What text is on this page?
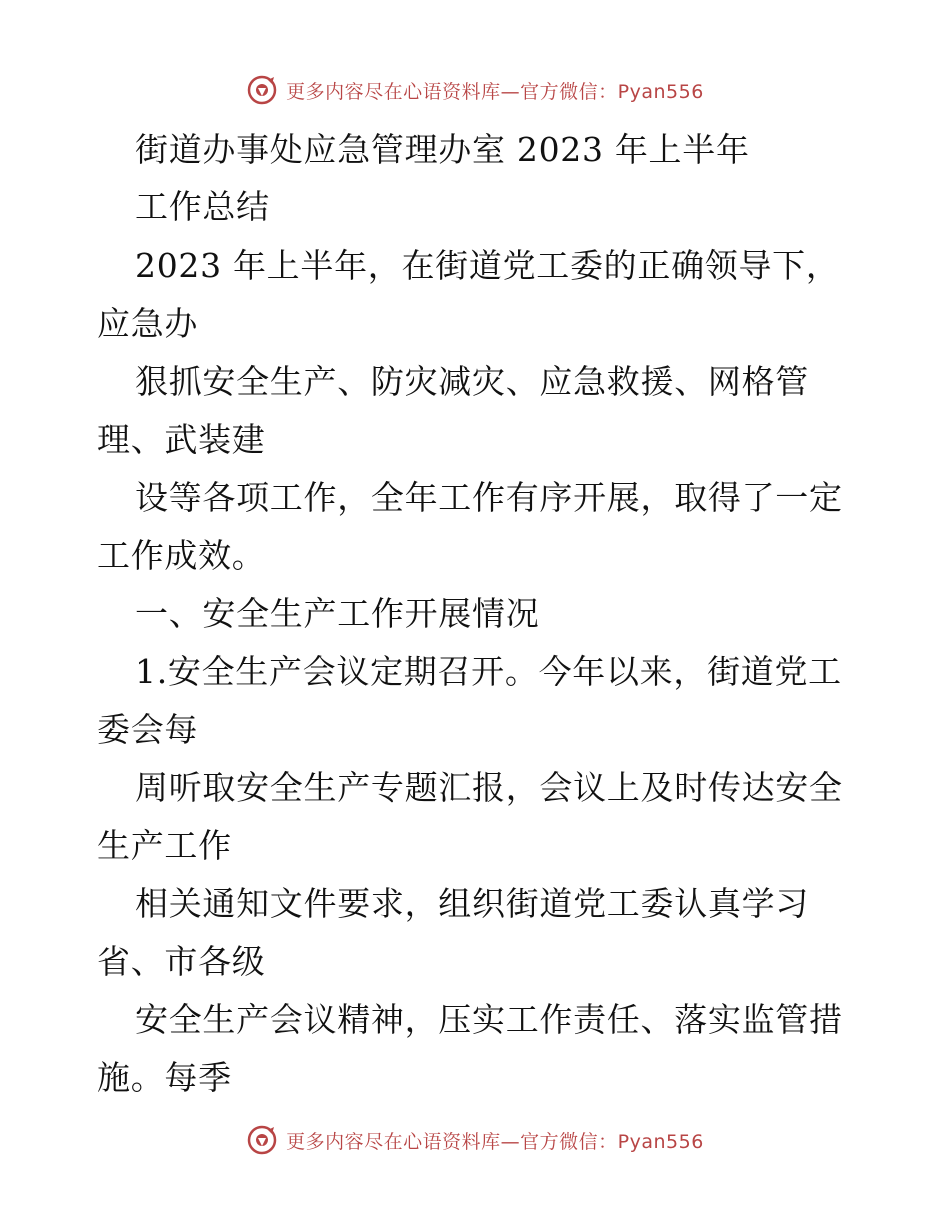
更多内容尽在心语资料库—官方微信：Pyan556
街道办事处应急管理办室 2023 年上半年
工作总结
2023 年上半年，在街道党工委的正确领导下，
应急办
狠抓安全生产、防灾减灾、应急救援、网格管
理、武装建
设等各项工作，全年工作有序开展，取得了一定
工作成效。
一、安全生产工作开展情况
1.安全生产会议定期召开。今年以来，街道党工
委会每
周听取安全生产专题汇报，会议上及时传达安全
生产工作
相关通知文件要求，组织街道党工委认真学习
省、市各级
安全生产会议精神，压实工作责任、落实监管措
施。每季
更多内容尽在心语资料库—官方微信：Pyan556
